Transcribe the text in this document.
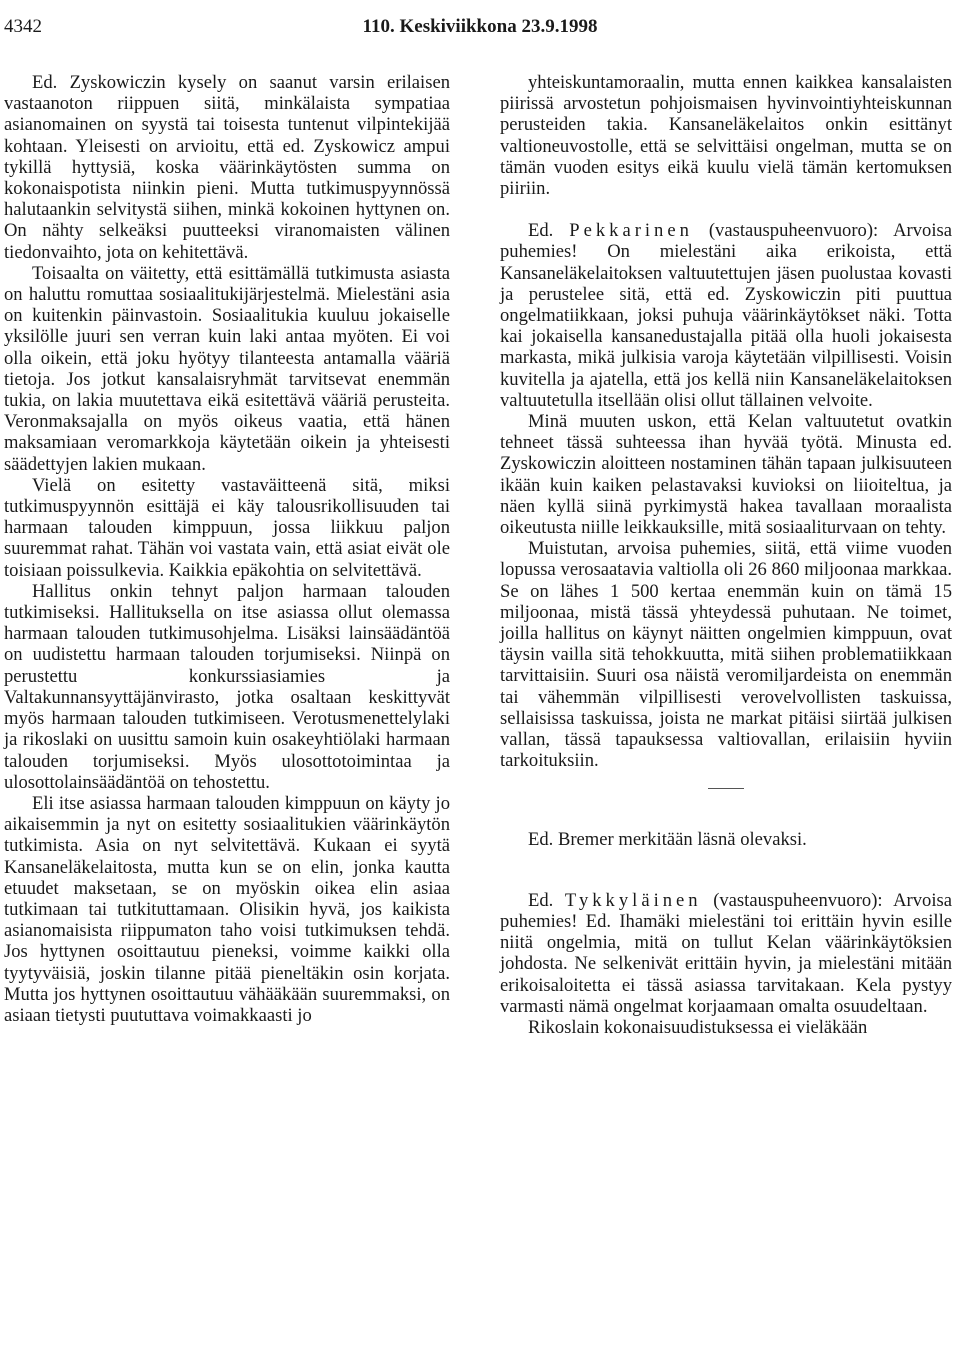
4342	110. Keskiviikkona 23.9.1998

Ed. Zyskowiczin kysely on saanut varsin erilaisen vastaanoton riippuen siitä, minkälaista sympatiaa asianomainen on syystä tai toisesta tuntenut vilpintekijää kohtaan. Yleisesti on arvioitu, että ed. Zyskowicz ampui tykillä hyttysiä, koska väärinkäytösten summa on kokonaispotista niinkin pieni. Mutta tutkimuspyynnössä halutaankin selvitystä siihen, minkä kokoinen hyttynen on. On nähty selkeäksi puutteeksi viranomaisten välinen tiedonvaihto, jota on kehitettävä.

Toisaalta on väitetty, että esittämällä tutkimusta asiasta on haluttu romuttaa sosiaalitukijärjestelmä. Mielestäni asia on kuitenkin päinvastoin. Sosiaalitukia kuuluu jokaiselle yksilölle juuri sen verran kuin laki antaa myöten. Ei voi olla oikein, että joku hyötyy tilanteesta antamalla vääriä tietoja. Jos jotkut kansalaisryhmät tarvitsevat enemmän tukia, on lakia muutettava eikä esitettävä vääriä perusteita. Veronmaksajalla on myös oikeus vaatia, että hänen maksamiaan veromarkkoja käytetään oikein ja yhteisesti säädettyjen lakien mukaan.

Vielä on esitetty vastaväitteenä sitä, miksi tutkimuspyynnön esittäjä ei käy talousrikollisuuden tai harmaan talouden kimppuun, jossa liikkuu paljon suuremmat rahat. Tähän voi vastata vain, että asiat eivät ole toisiaan poissulkevia. Kaikkia epäkohtia on selvitettävä.

Hallitus onkin tehnyt paljon harmaan talouden tutkimiseksi. Hallituksella on itse asiassa ollut olemassa harmaan talouden tutkimusohjelma. Lisäksi lainsäädäntöä on uudistettu harmaan talouden torjumiseksi. Niinpä on perustettu konkurssiasiamies ja Valtakunnansyyttäjänvirasto, jotka osaltaan keskittyvät myös harmaan talouden tutkimiseen. Verotusmenettelylaki ja rikoslaki on uusittu samoin kuin osakeyhtiölaki harmaan talouden torjumiseksi. Myös ulosottotoimintaa ja ulosottolainsäädäntöä on tehostettu.

Eli itse asiassa harmaan talouden kimppuun on käyty jo aikaisemmin ja nyt on esitetty sosiaalitukien väärinkäytön tutkimista. Asia on nyt selvitettävä. Kukaan ei syytä Kansaneläkelaitosta, mutta kun se on elin, jonka kautta etuudet maksetaan, se on myöskin oikea elin asiaa tutkimaan tai tutkituttamaan. Olisikin hyvä, jos kaikista asianomaisista riippumaton taho voisi tutkimuksen tehdä. Jos hyttynen osoittautuu pieneksi, voimme kaikki olla tyytyväisiä, joskin tilanne pitää pieneltäkin osin korjata. Mutta jos hyttynen osoittautuu vähääkään suuremmaksi, on asiaan tietysti puututtava voimakkaasti jo

yhteiskuntamoraalin, mutta ennen kaikkea kansalaisten piirissä arvostetun pohjoismaisen hyvinvointiyhteiskunnan perusteiden takia. Kansaneläkelaitos onkin esittänyt valtioneuvostolle, että se selvittäisi ongelman, mutta se on tämän vuoden esitys eikä kuulu vielä tämän kertomuksen piiriin.

Ed. Pekkarinen (vastauspuheenvuoro): Arvoisa puhemies! On mielestäni aika erikoista, että Kansaneläkelaitoksen valtuutettujen jäsen puolustaa kovasti ja perustelee sitä, että ed. Zyskowiczin piti puuttua ongelmatiikkaan, joksi puhuja väärinkäytökset näki. Totta kai jokaisella kansanedustajalla pitää olla huoli jokaisesta markasta, mikä julkisia varoja käytetään vilpillisesti. Voisin kuvitella ja ajatella, että jos kellä niin Kansaneläkelaitoksen valtuutetulla itsellään olisi ollut tällainen velvoite.

Minä muuten uskon, että Kelan valtuutetut ovatkin tehneet tässä suhteessa ihan hyvää työtä. Minusta ed. Zyskowiczin aloitteen nostaminen tähän tapaan julkisuuteen ikään kuin kaiken pelastavaksi kuvioksi on liioiteltua, ja näen kyllä siinä pyrkimystä hakea tavallaan moraalista oikeutusta niille leikkauksille, mitä sosiaaliturvaan on tehty.

Muistutan, arvoisa puhemies, siitä, että viime vuoden lopussa verosaatavia valtiolla oli 26 860 miljoonaa markkaa. Se on lähes 1 500 kertaa enemmän kuin on tämä 15 miljoonaa, mistä tässä yhteydessä puhutaan. Ne toimet, joilla hallitus on käynyt näitten ongelmien kimppuun, ovat täysin vailla sitä tehokkuutta, mitä siihen problematiikkaan tarvittaisiin. Suuri osa näistä veromiljardeista on enemmän tai vähemmän vilpillisesti verovelvollisten taskuissa, sellaisissa taskuissa, joista ne markat pitäisi siirtää julkisen vallan, tässä tapauksessa valtiovallan, erilaisiin hyviin tarkoituksiin.

Ed. Bremer merkitään läsnä olevaksi.

Ed. Tykkyläinen (vastauspuheenvuoro): Arvoisa puhemies! Ed. Ihamäki mielestäni toi erittäin hyvin esille niitä ongelmia, mitä on tullut Kelan väärinkäytöksien johdosta. Ne selkenivät erittäin hyvin, ja mielestäni mitään erikoisaloitetta ei tässä asiassa tarvitakaan. Kela pystyy varmasti nämä ongelmat korjaamaan omalta osuudeltaan.

Rikoslain kokonaisuudistuksessa ei vieläkään
